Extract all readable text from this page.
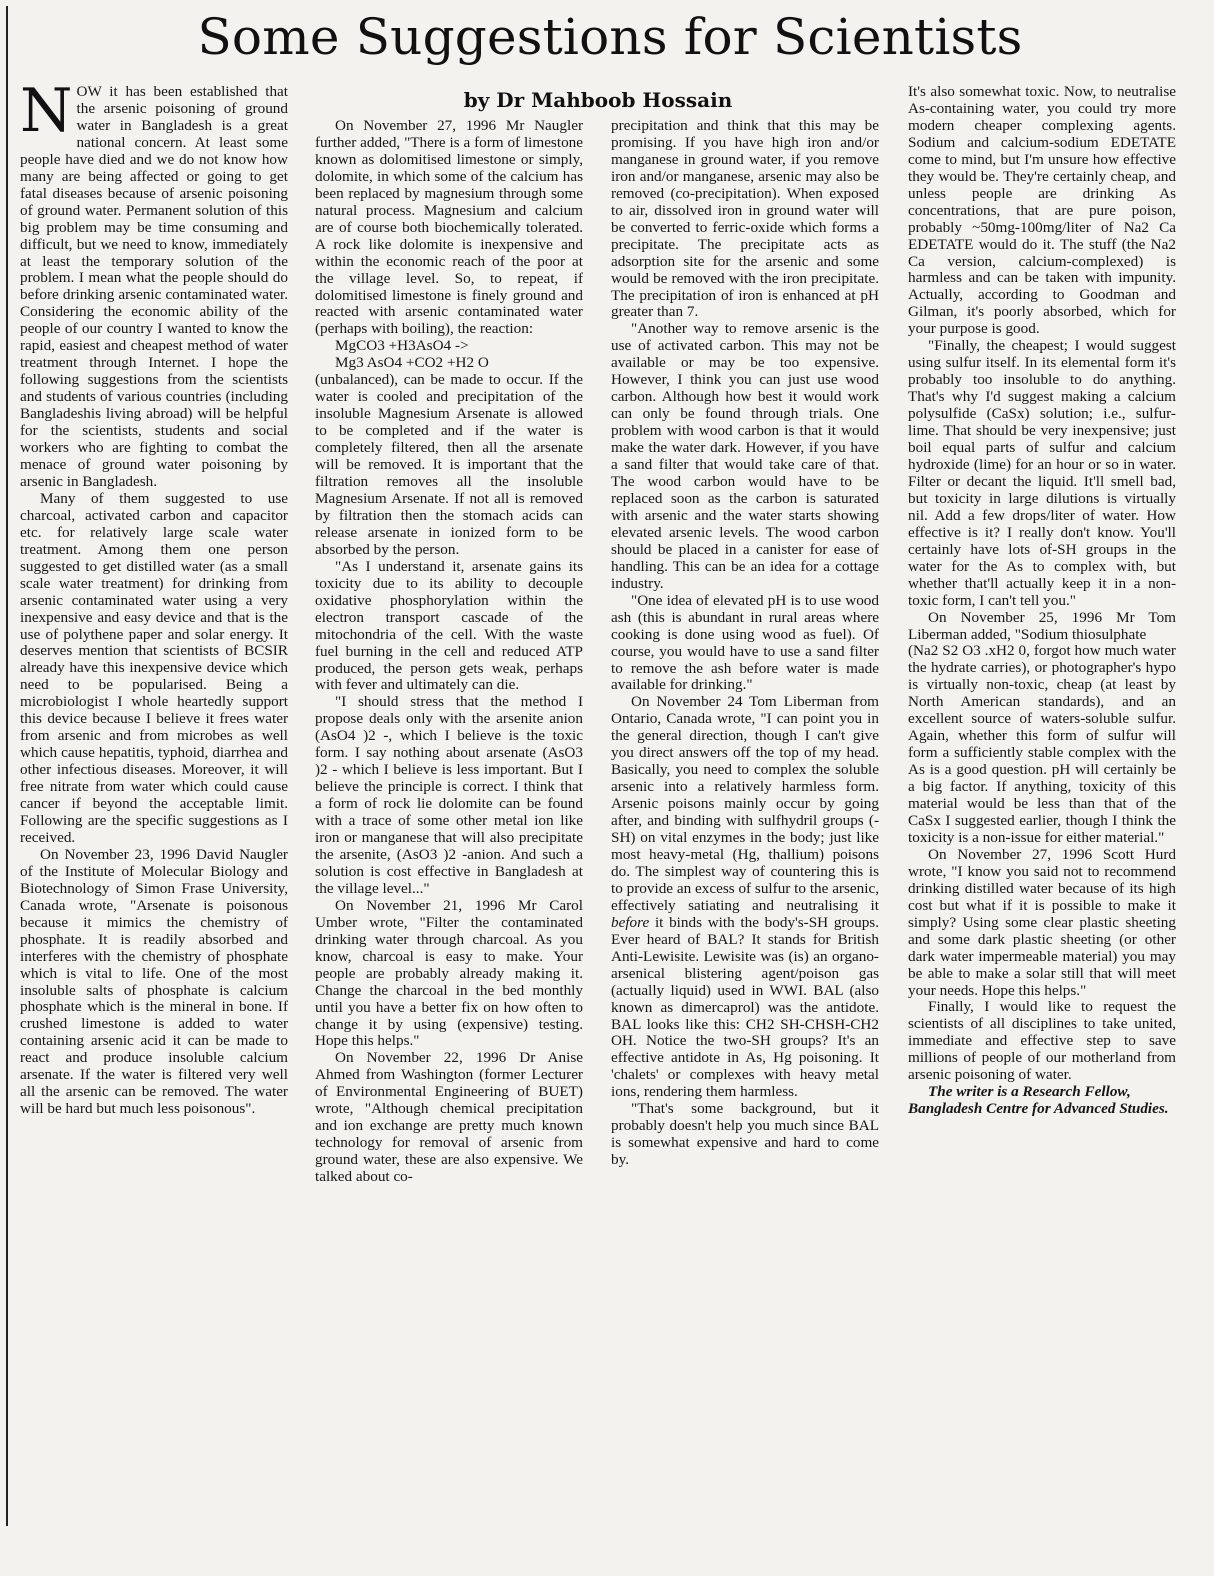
Some Suggestions for Scientists
by Dr Mahboob Hossain

NOW it has been established that the arsenic poisoning of ground water in Bangladesh is a great national concern. At least some people have died and we do not know how many are being affected or going to get fatal diseases because of arsenic poisoning of ground water. Permanent solution of this big problem may be time consuming and difficult, but we need to know, immediately at least the temporary solution of the problem. I mean what the people should do before drinking arsenic contaminated water. Considering the economic ability of the people of our country I wanted to know the rapid, easiest and cheapest method of water treatment through Internet. I hope the following suggestions from the scientists and students of various countries (including Bangladeshis living abroad) will be helpful for the scientists, students and social workers who are fighting to combat the menace of ground water poisoning by arsenic in Bangladesh.

Many of them suggested to use charcoal, activated carbon and capacitor etc. for relatively large scale water treatment. Among them one person suggested to get distilled water (as a small scale water treatment) for drinking from arsenic contaminated water using a very inexpensive and easy device and that is the use of polythene paper and solar energy. It deserves mention that scientists of BCSIR already have this inexpensive device which need to be popularised. Being a microbiologist I whole heartedly support this device because I believe it frees water from arsenic and from microbes as well which cause hepatitis, typhoid, diarrhea and other infectious diseases. Moreover, it will free nitrate from water which could cause cancer if beyond the acceptable limit. Following are the specific suggestions as I received.

On November 23, 1996 David Naugler of the Institute of Molecular Biology and Biotechnology of Simon Frase University, Canada wrote, "Arsenate is poisonous because it mimics the chemistry of phosphate. It is readily absorbed and interferes with the chemistry of phosphate which is vital to life. One of the most insoluble salts of phosphate is calcium phosphate which is the mineral in bone. If crushed limestone is added to water containing arsenic acid it can be made to react and produce insoluble calcium arsenate. If the water is filtered very well all the arsenic can be removed. The water will be hard but much less poisonous".

On November 27, 1996 Mr Naugler further added, "There is a form of limestone known as dolomitised limestone or simply, dolomite, in which some of the calcium has been replaced by magnesium through some natural process. Magnesium and calcium are of course both biochemically tolerated. A rock like dolomite is inexpensive and within the economic reach of the poor at the village level. So, to repeat, if dolomitised limestone is finely ground and reacted with arsenic contaminated water (perhaps with boiling), the reaction:

MgCO3 +H3AsO4 ->

Mg3 AsO4 +CO2 +H2 O

(unbalanced), can be made to occur. If the water is cooled and precipitation of the insoluble Magnesium Arsenate is allowed to be completed and if the water is completely filtered, then all the arsenate will be removed. It is important that the filtration removes all the insoluble Magnesium Arsenate. If not all is removed by filtration then the stomach acids can release arsenate in ionized form to be absorbed by the person.

"As I understand it, arsenate gains its toxicity due to its ability to decouple oxidative phosphorylation within the electron transport cascade of the mitochondria of the cell. With the waste fuel burning in the cell and reduced ATP produced, the person gets weak, perhaps with fever and ultimately can die.

"I should stress that the method I propose deals only with the arsenite anion (AsO4 )2 -, which I believe is the toxic form. I say nothing about arsenate (AsO3 )2 - which I believe is less important. But I believe the principle is correct. I think that a form of rock lie dolomite can be found with a trace of some other metal ion like iron or manganese that will also precipitate the arsenite, (AsO3 )2 -anion. And such a solution is cost effective in Bangladesh at the village level..."

On November 21, 1996 Mr Carol Umber wrote, "Filter the contaminated drinking water through charcoal. As you know, charcoal is easy to make. Your people are probably already making it. Change the charcoal in the bed monthly until you have a better fix on how often to change it by using (expensive) testing. Hope this helps."

On November 22, 1996 Dr Anise Ahmed from Washington (former Lecturer of Environmental Engineering of BUET) wrote, "Although chemical precipitation and ion exchange are pretty much known technology for removal of arsenic from ground water, these are also expensive. We talked about co-

precipitation and think that this may be promising. If you have high iron and/or manganese in ground water, if you remove iron and/or manganese, arsenic may also be removed (co-precipitation). When exposed to air, dissolved iron in ground water will be converted to ferric-oxide which forms a precipitate. The precipitate acts as adsorption site for the arsenic and some would be removed with the iron precipitate. The precipitation of iron is enhanced at pH greater than 7.

"Another way to remove arsenic is the use of activated carbon. This may not be available or may be too expensive. However, I think you can just use wood carbon. Although how best it would work can only be found through trials. One problem with wood carbon is that it would make the water dark. However, if you have a sand filter that would take care of that. The wood carbon would have to be replaced soon as the carbon is saturated with arsenic and the water starts showing elevated arsenic levels. The wood carbon should be placed in a canister for ease of handling. This can be an idea for a cottage industry.

"One idea of elevated pH is to use wood ash (this is abundant in rural areas where cooking is done using wood as fuel). Of course, you would have to use a sand filter to remove the ash before water is made available for drinking."

On November 24 Tom Liberman from Ontario, Canada wrote, "I can point you in the general direction, though I can't give you direct answers off the top of my head. Basically, you need to complex the soluble arsenic into a relatively harmless form. Arsenic poisons mainly occur by going after, and binding with sulfhydril groups (-SH) on vital enzymes in the body; just like most heavy-metal (Hg, thallium) poisons do. The simplest way of countering this is to provide an excess of sulfur to the arsenic, effectively satiating and neutralising it before it binds with the body's-SH groups. Ever heard of BAL? It stands for British Anti-Lewisite. Lewisite was (is) an organo-arsenical blistering agent/poison gas (actually liquid) used in WWI. BAL (also known as dimercaprol) was the antidote. BAL looks like this: CH2 SH-CHSH-CH2 OH. Notice the two-SH groups? It's an effective antidote in As, Hg poisoning. It 'chalets' or complexes with heavy metal ions, rendering them harmless.

"That's some background, but it probably doesn't help you much since BAL is somewhat expensive and hard to come by.

It's also somewhat toxic. Now, to neutralise As-containing water, you could try more modern cheaper complexing agents. Sodium and calcium-sodium EDETATE come to mind, but I'm unsure how effective they would be. They're certainly cheap, and unless people are drinking As concentrations, that are pure poison, probably ~50mg-100mg/liter of Na2 Ca EDETATE would do it. The stuff (the Na2 Ca version, calcium-complexed) is harmless and can be taken with impunity. Actually, according to Goodman and Gilman, it's poorly absorbed, which for your purpose is good.

"Finally, the cheapest; I would suggest using sulfur itself. In its elemental form it's probably too insoluble to do anything. That's why I'd suggest making a calcium polysulfide (CaSx) solution; i.e., sulfur-lime. That should be very inexpensive; just boil equal parts of sulfur and calcium hydroxide (lime) for an hour or so in water. Filter or decant the liquid. It'll smell bad, but toxicity in large dilutions is virtually nil. Add a few drops/liter of water. How effective is it? I really don't know. You'll certainly have lots of-SH groups in the water for the As to complex with, but whether that'll actually keep it in a non-toxic form, I can't tell you."

On November 25, 1996 Mr Tom Liberman added, "Sodium thiosulphate

(Na2 S2 O3 .xH2 0, forgot how much water the hydrate carries), or photographer's hypo is virtually non-toxic, cheap (at least by North American standards), and an excellent source of waters-soluble sulfur. Again, whether this form of sulfur will form a sufficiently stable complex with the As is a good question. pH will certainly be a big factor. If anything, toxicity of this material would be less than that of the CaSx I suggested earlier, though I think the toxicity is a non-issue for either material."

On November 27, 1996 Scott Hurd wrote, "I know you said not to recommend drinking distilled water because of its high cost but what if it is possible to make it simply? Using some clear plastic sheeting and some dark plastic sheeting (or other dark water impermeable material) you may be able to make a solar still that will meet your needs. Hope this helps."

Finally, I would like to request the scientists of all disciplines to take united, immediate and effective step to save millions of people of our motherland from arsenic poisoning of water.

The writer is a Research Fellow, Bangladesh Centre for Advanced Studies.
